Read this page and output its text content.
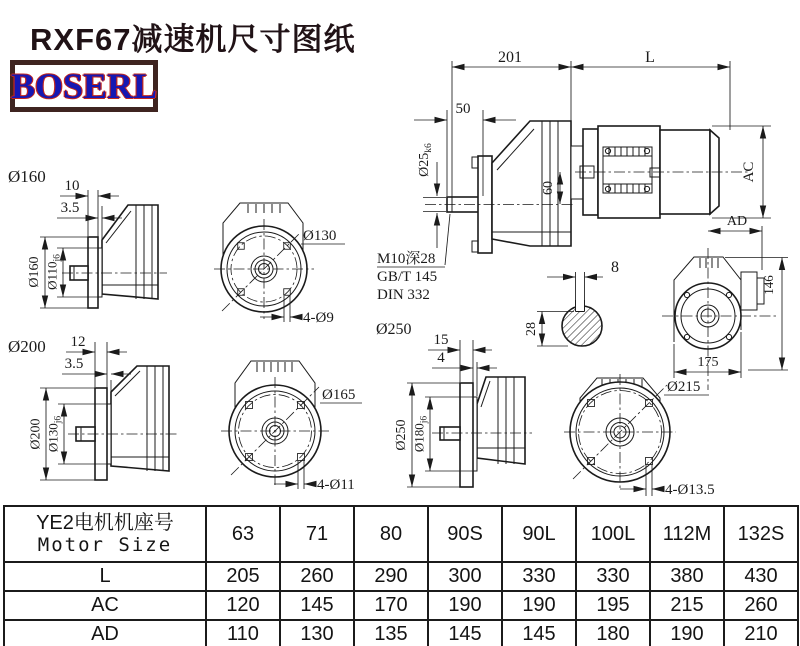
RXF67减速机尺寸图纸
BOSERL
201	L
50
$Ø25_{k6}$
60
AC
M10深28
GB/T 145
DIN 332
Ø160 10
3.5
Ø160 $Ø110_{j6}$
Ø130
4-Ø9
Ø200 12
3.5
Ø200 $Ø130_{j6}$
Ø165
4-Ø11
Ø250
15
4
Ø250 $Ø180_{j6}$
8
28
AD
146
175
Ø215
4-Ø13.5
YE2电机机座号
Motor Size	63	71	80	90S	90L	100L	112M	132S
L	205	260	290	300	330	330	380	430
AC	120	145	170	190	190	195	215	260
AD	110	130	135	145	145	180	190	210
